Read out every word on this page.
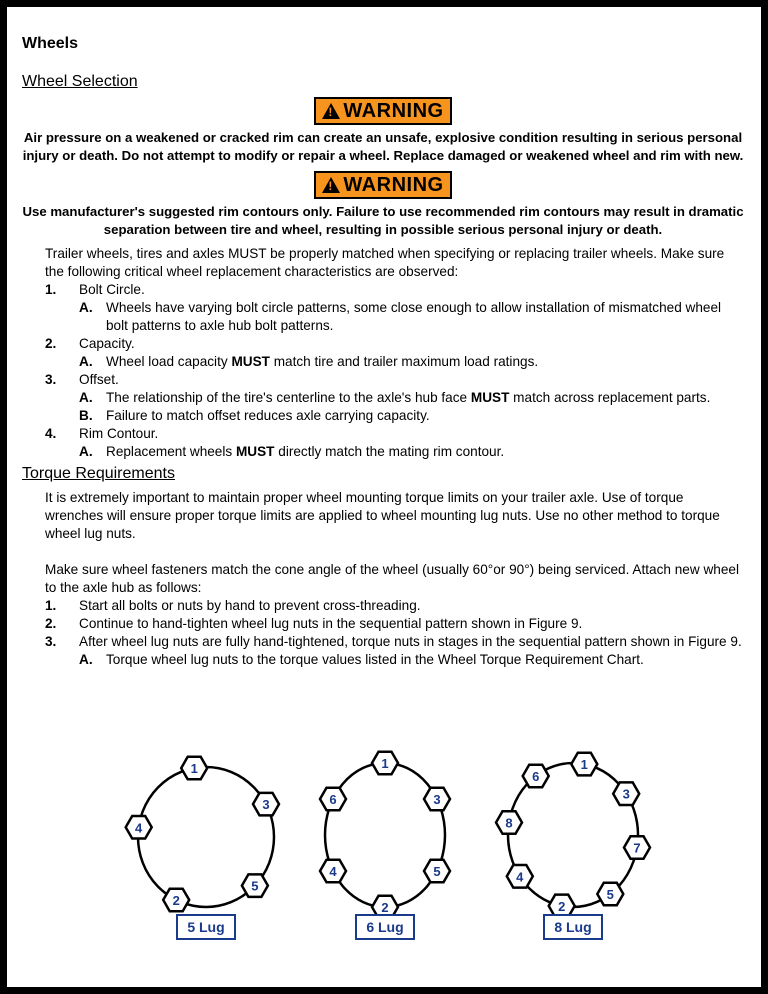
Wheels
Wheel Selection
! WARNING

Air pressure on a weakened or cracked rim can create an unsafe, explosive condition resulting in serious personal injury or death. Do not attempt to modify or repair a wheel. Replace damaged or weakened wheel and rim with new.

! WARNING

Use manufacturer's suggested rim contours only. Failure to use recommended rim contours may result in dramatic separation between tire and wheel, resulting in possible serious personal injury or death.

Trailer wheels, tires and axles MUST be properly matched when specifying or replacing trailer wheels. Make sure the following critical wheel replacement characteristics are observed:

1.	Bolt Circle.
A. Wheels have varying bolt circle patterns, some close enough to allow installation of mismatched wheel bolt patterns to axle hub bolt patterns.
2.	Capacity.
A. Wheel load capacity MUST match tire and trailer maximum load ratings.
3.	Offset.
A. The relationship of the tire's centerline to the axle's hub face MUST match across replacement parts.
B. Failure to match offset reduces axle carrying capacity.
4.	Rim Contour.
A. Replacement wheels MUST directly match the mating rim contour.
Torque Requirements

It is extremely important to maintain proper wheel mounting torque limits on your trailer axle. Use of torque wrenches will ensure proper torque limits are applied to wheel mounting lug nuts. Use no other method to torque wheel lug nuts.

Make sure wheel fasteners match the cone angle of the wheel (usually 60°or 90°) being serviced. Attach new wheel to the axle hub as follows:

1.	Start all bolts or nuts by hand to prevent cross-threading.
2.	Continue to hand-tighten wheel lug nuts in the sequential pattern shown in Figure 9.
3.	After wheel lug nuts are fully hand-tightened, torque nuts in stages in the sequential pattern shown in Figure 9.
A. Torque wheel lug nuts to the torque values listed in the Wheel Torque Requirement Chart.
1
3
5
2
4
5 Lug
1
3
5
2
4
6
6 Lug
1
3
7
5
2
4
8
6
8 Lug
